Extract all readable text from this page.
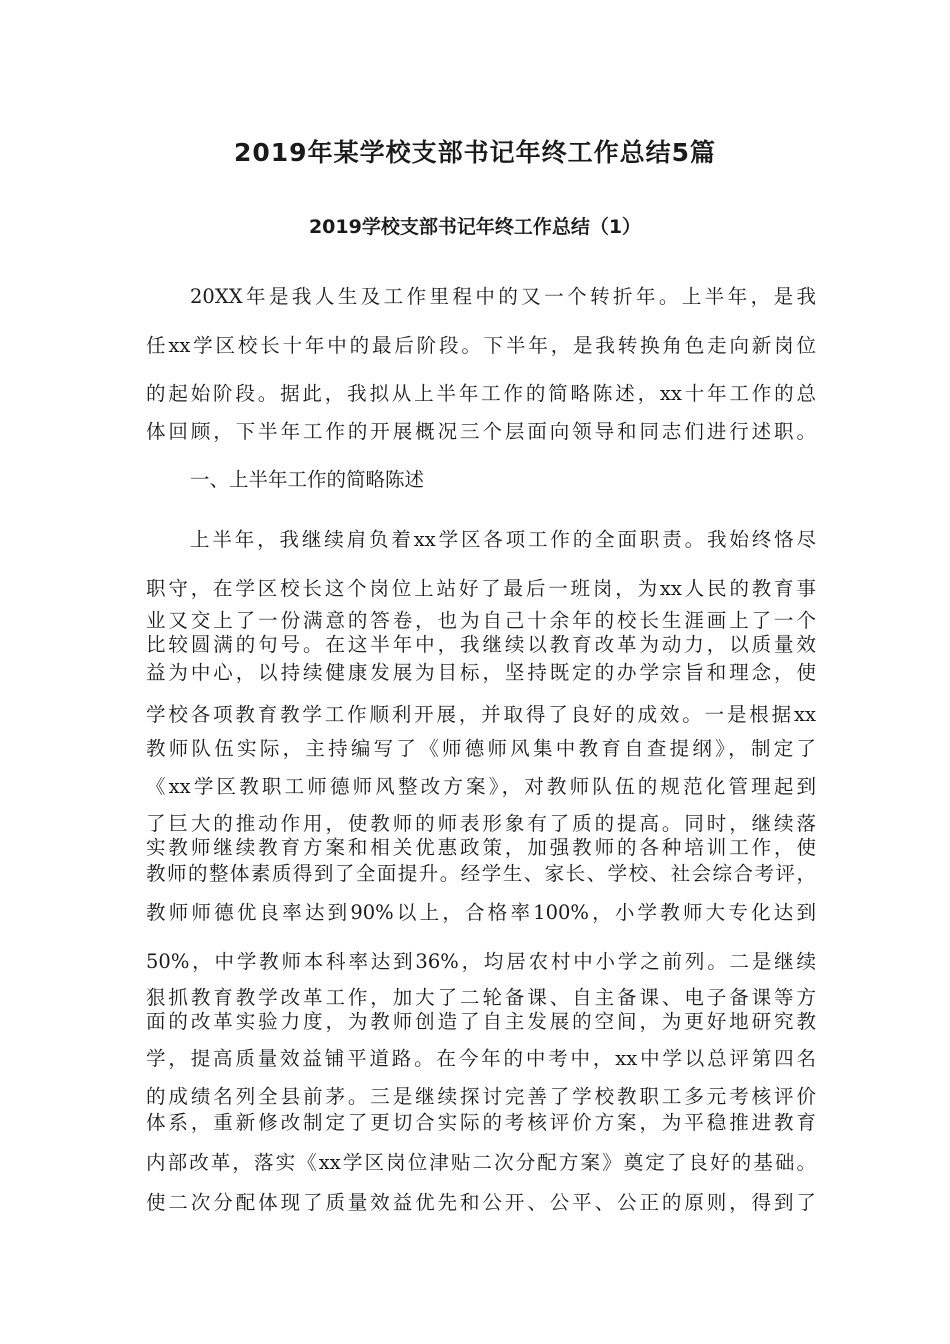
2019年某学校支部书记年终工作总结5篇
2019学校支部书记年终工作总结（1）
20XX年是我人生及工作里程中的又一个转折年。上半年，是我
任xx学区校长十年中的最后阶段。下半年，是我转换角色走向新岗位
的起始阶段。据此，我拟从上半年工作的简略陈述，xx十年工作的总
体回顾，下半年工作的开展概况三个层面向领导和同志们进行述职。
一、上半年工作的简略陈述
上半年，我继续肩负着xx学区各项工作的全面职责。我始终恪尽
职守，在学区校长这个岗位上站好了最后一班岗，为xx人民的教育事
业又交上了一份满意的答卷，也为自己十余年的校长生涯画上了一个
比较圆满的句号。在这半年中，我继续以教育改革为动力，以质量效
益为中心，以持续健康发展为目标，坚持既定的办学宗旨和理念，使
学校各项教育教学工作顺利开展，并取得了良好的成效。一是根据xx
教师队伍实际，主持编写了《师德师风集中教育自查提纲》，制定了
《xx学区教职工师德师风整改方案》，对教师队伍的规范化管理起到
了巨大的推动作用，使教师的师表形象有了质的提高。同时，继续落
实教师继续教育方案和相关优惠政策，加强教师的各种培训工作，使
教师的整体素质得到了全面提升。经学生、家长、学校、社会综合考评，
教师师德优良率达到90%以上，合格率100%，小学教师大专化达到
50%，中学教师本科率达到36%，均居农村中小学之前列。二是继续
狠抓教育教学改革工作，加大了二轮备课、自主备课、电子备课等方
面的改革实验力度，为教师创造了自主发展的空间，为更好地研究教
学，提高质量效益铺平道路。在今年的中考中，xx中学以总评第四名
的成绩名列全县前茅。三是继续探讨完善了学校教职工多元考核评价
体系，重新修改制定了更切合实际的考核评价方案，为平稳推进教育
内部改革，落实《xx学区岗位津贴二次分配方案》奠定了良好的基础。
使二次分配体现了质量效益优先和公开、公平、公正的原则，得到了
